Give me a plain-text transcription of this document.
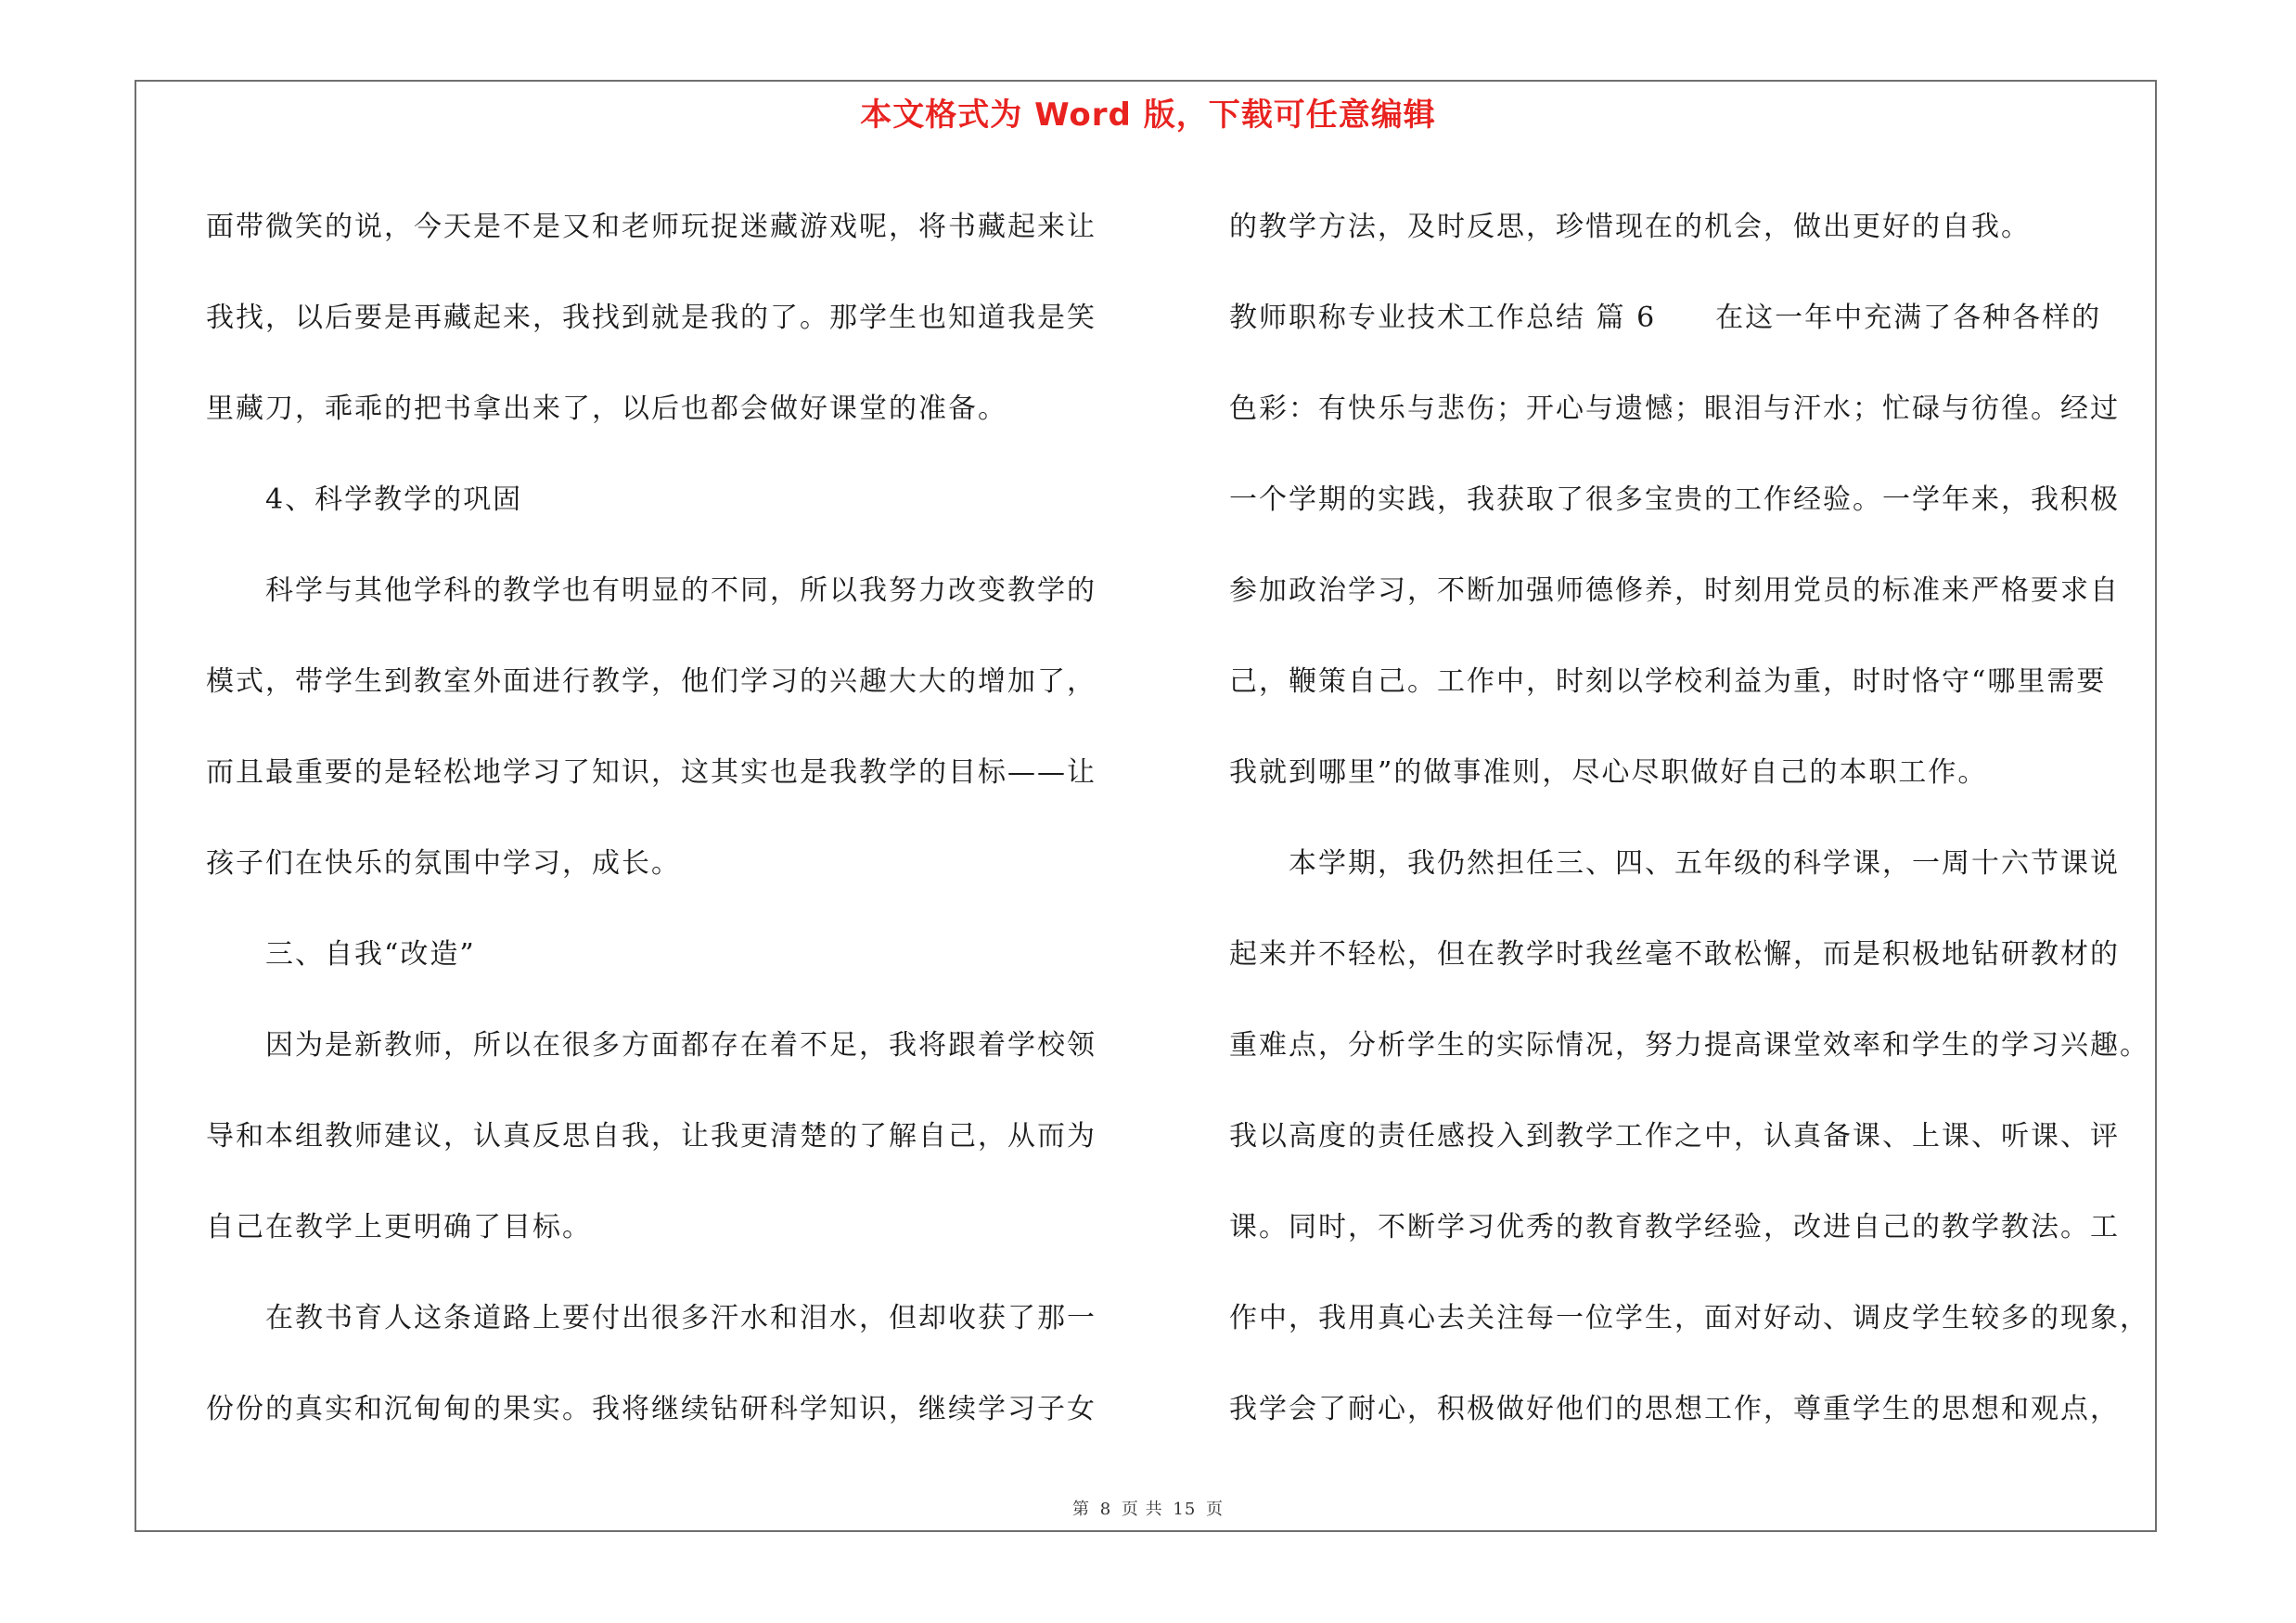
本文格式为 Word 版，下载可任意编辑
面带微笑的说，今天是不是又和老师玩捉迷藏游戏呢，将书藏起来让
我找，以后要是再藏起来，我找到就是我的了。那学生也知道我是笑
里藏刀，乖乖的把书拿出来了，以后也都会做好课堂的准备。
　　4、科学教学的巩固
　　科学与其他学科的教学也有明显的不同，所以我努力改变教学的
模式，带学生到教室外面进行教学，他们学习的兴趣大大的增加了，
而且最重要的是轻松地学习了知识，这其实也是我教学的目标——让
孩子们在快乐的氛围中学习，成长。
　　三、自我“改造”
　　因为是新教师，所以在很多方面都存在着不足，我将跟着学校领
导和本组教师建议，认真反思自我，让我更清楚的了解自己，从而为
自己在教学上更明确了目标。
　　在教书育人这条道路上要付出很多汗水和泪水，但却收获了那一
份份的真实和沉甸甸的果实。我将继续钻研科学知识，继续学习子女
的教学方法，及时反思，珍惜现在的机会，做出更好的自我。
教师职称专业技术工作总结 篇 6　　在这一年中充满了各种各样的
色彩：有快乐与悲伤；开心与遗憾；眼泪与汗水；忙碌与彷徨。经过
一个学期的实践，我获取了很多宝贵的工作经验。一学年来，我积极
参加政治学习，不断加强师德修养，时刻用党员的标准来严格要求自
己，鞭策自己。工作中，时刻以学校利益为重，时时恪守“哪里需要
我就到哪里”的做事准则，尽心尽职做好自己的本职工作。
　　本学期，我仍然担任三、四、五年级的科学课，一周十六节课说
起来并不轻松，但在教学时我丝毫不敢松懈，而是积极地钻研教材的
重难点，分析学生的实际情况，努力提高课堂效率和学生的学习兴趣。
我以高度的责任感投入到教学工作之中，认真备课、上课、听课、评
课。同时，不断学习优秀的教育教学经验，改进自己的教学教法。工
作中，我用真心去关注每一位学生，面对好动、调皮学生较多的现象，
我学会了耐心，积极做好他们的思想工作，尊重学生的思想和观点，
第 8 页 共 15 页
